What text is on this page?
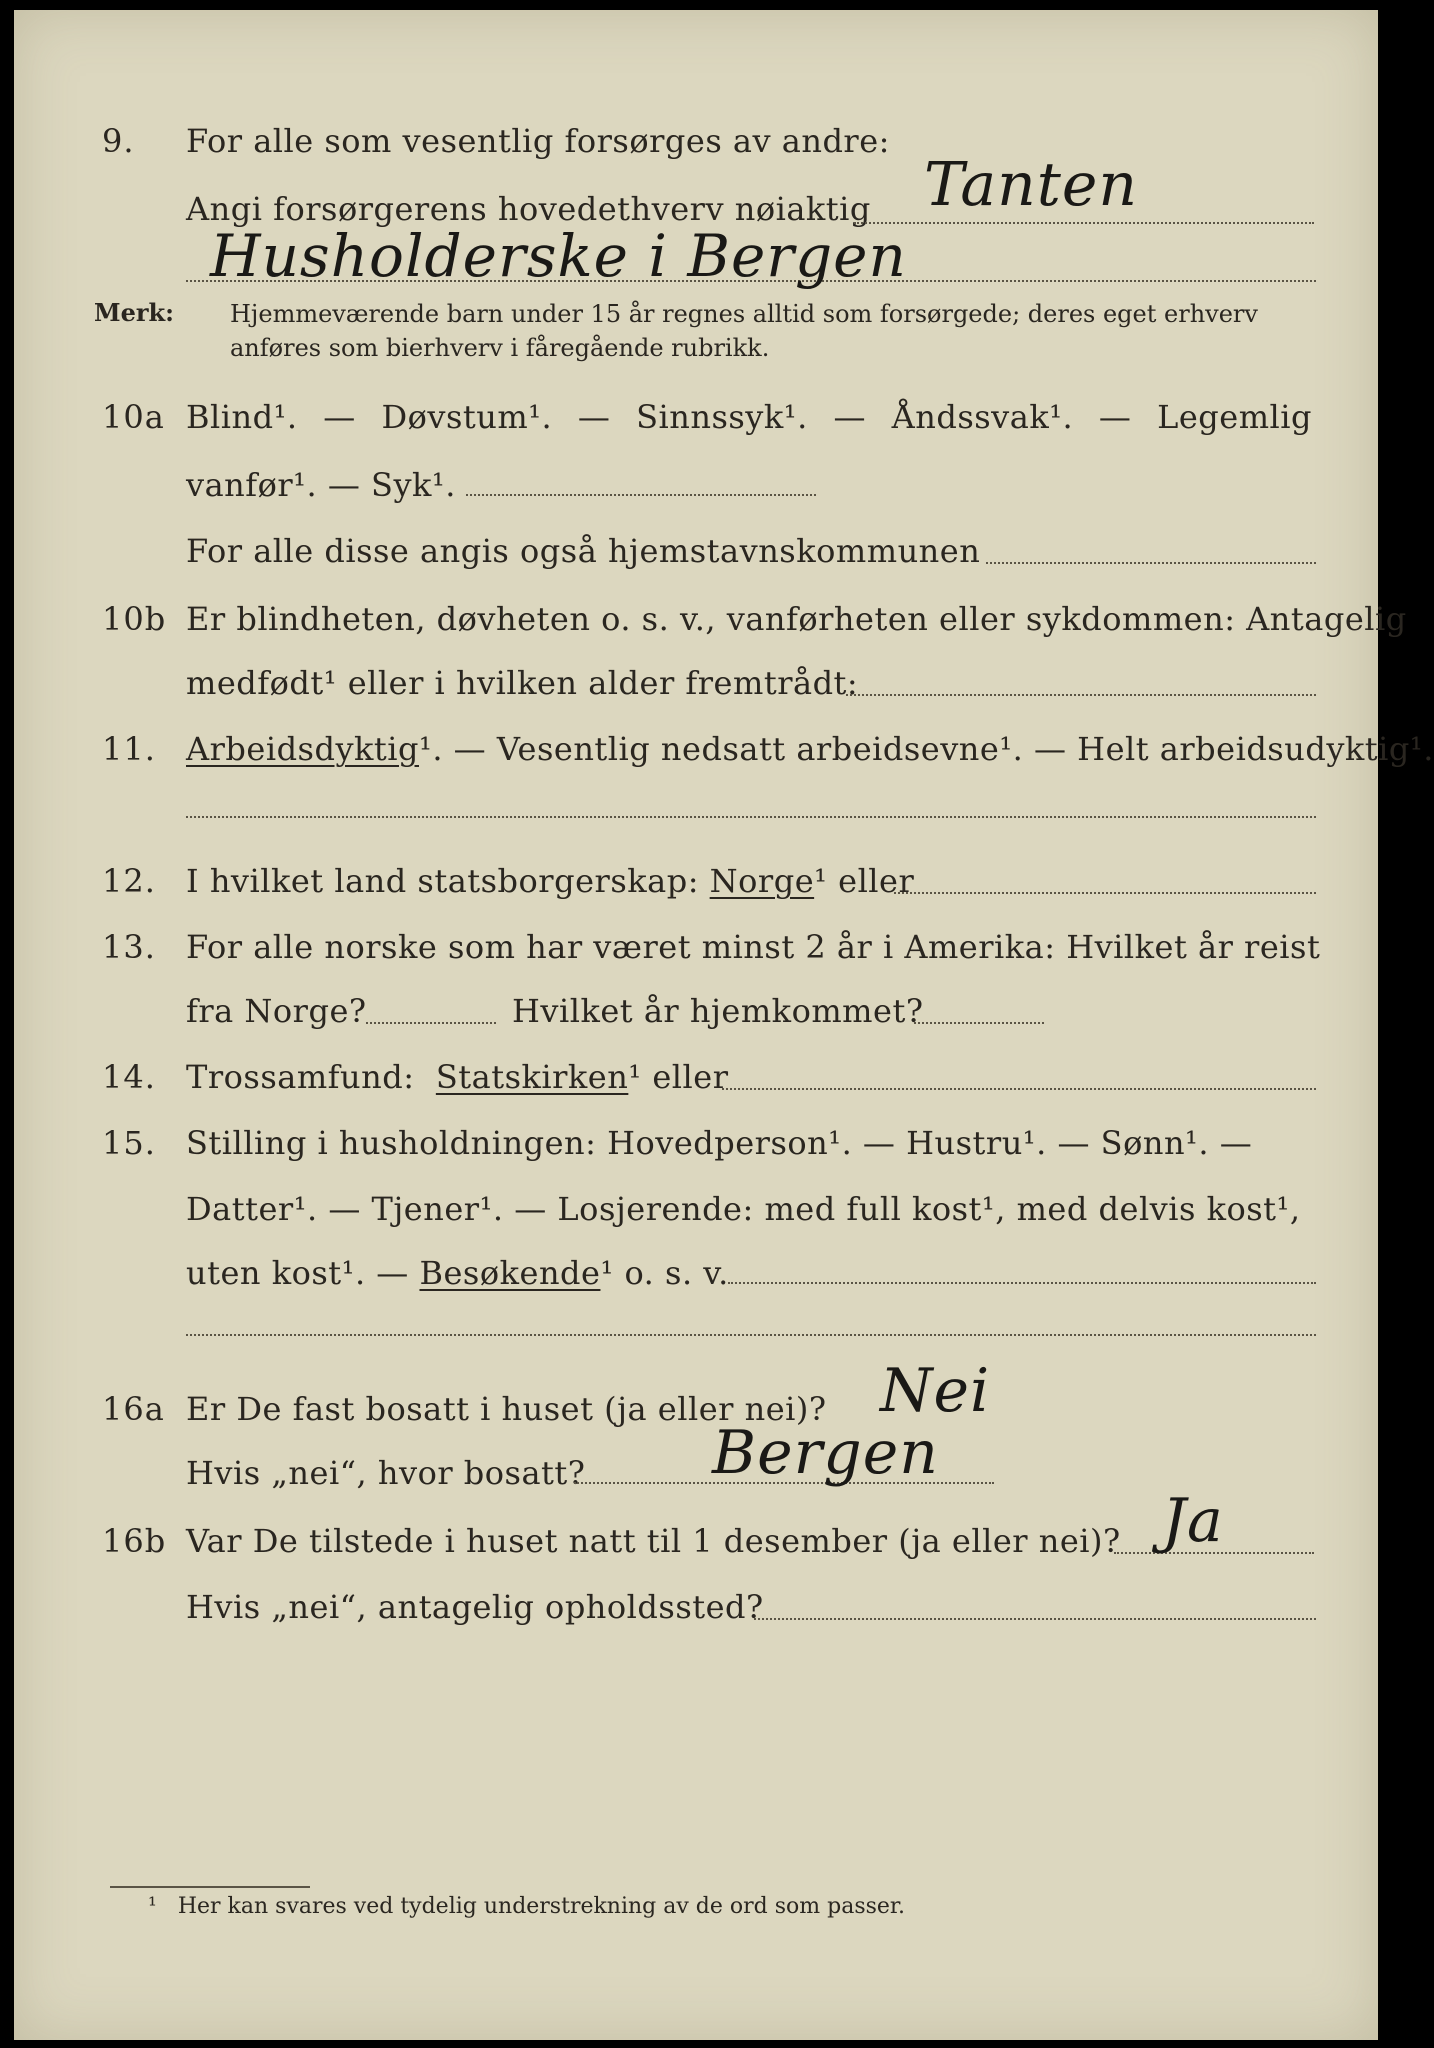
9. For alle som vesentlig forsørges av andre:
Angi forsørgerens hovedethverv nøiaktig Tanten
Husholderske i Bergen
Merk: Hjemmeværende barn under 15 år regnes alltid som forsørgede; deres eget erhverv
anføres som bierhverv i fåregående rubrikk.
10a Blind¹. — Døvstum¹. — Sinnssyk¹. — Åndssvak¹. — Legemlig
vanfør¹. — Syk¹.
For alle disse angis også hjemstavnskommunen
10b Er blindheten, døvheten o. s. v., vanførheten eller sykdommen: Antagelig
medfødt¹ eller i hvilken alder fremtrådt:
11. Arbeidsdyktig¹. — Vesentlig nedsatt arbeidsevne¹. — Helt arbeidsudyktig¹.
12. I hvilket land statsborgerskap: Norge¹ eller
13. For alle norske som har været minst 2 år i Amerika: Hvilket år reist
fra Norge?	Hvilket år hjemkommet?
14. Trossamfund: Statskirken¹ eller
15. Stilling i husholdningen: Hovedperson¹. — Hustru¹. — Sønn¹. —
Datter¹. — Tjener¹. — Losjerende: med full kost¹, med delvis kost¹,
uten kost¹. — Besøkende¹ o. s. v.
16a Er De fast bosatt i huset (ja eller nei)? Nei
Hvis „nei“, hvor bosatt? Bergen
16b Var De tilstede i huset natt til 1 desember (ja eller nei)? Ja
Hvis „nei“, antagelig opholdssted?
¹ Her kan svares ved tydelig understrekning av de ord som passer.
